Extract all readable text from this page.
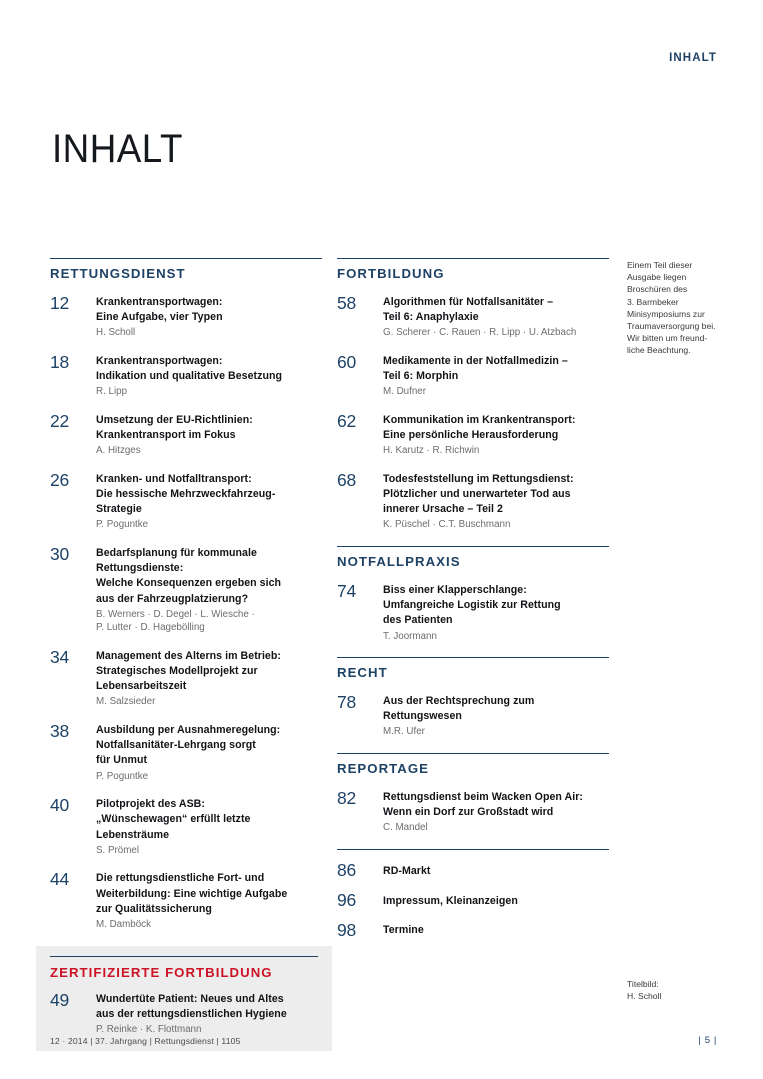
INHALT
INHALT
RETTUNGSDIENST
12	Krankentransportwagen:
Eine Aufgabe, vier Typen
H. Scholl
18	Krankentransportwagen:
Indikation und qualitative Besetzung
R. Lipp
22	Umsetzung der EU-Richtlinien:
Krankentransport im Fokus
A. Hitzges
26	Kranken- und Notfalltransport:
Die hessische Mehrzweckfahrzeug-
Strategie
P. Poguntke
30	Bedarfsplanung für kommunale
Rettungsdienste:
Welche Konsequenzen ergeben sich
aus der Fahrzeugplatzierung?
B. Werners · D. Degel · L. Wiesche ·
P. Lutter · D. Hagebölling
34	Management des Alterns im Betrieb:
Strategisches Modellprojekt zur
Lebensarbeitszeit
M. Salzsieder
38	Ausbildung per Ausnahmeregelung:
Notfallsanitäter-Lehrgang sorgt
für Unmut
P. Poguntke
40	Pilotprojekt des ASB:
„Wünschewagen“ erfüllt letzte
Lebensträume
S. Prömel
44	Die rettungsdienstliche Fort- und
Weiterbildung: Eine wichtige Aufgabe
zur Qualitätssicherung
M. Damböck
ZERTIFIZIERTE FORTBILDUNG
49	Wundertüte Patient: Neues und Altes
aus der rettungsdienstlichen Hygiene
P. Reinke · K. Flottmann
FORTBILDUNG
58	Algorithmen für Notfallsanitäter –
Teil 6: Anaphylaxie
G. Scherer · C. Rauen · R. Lipp · U. Atzbach
60	Medikamente in der Notfallmedizin –
Teil 6: Morphin
M. Dufner
62	Kommunikation im Krankentransport:
Eine persönliche Herausforderung
H. Karutz · R. Richwin
68	Todesfeststellung im Rettungsdienst:
Plötzlicher und unerwarteter Tod aus
innerer Ursache – Teil 2
K. Püschel · C.T. Buschmann
NOTFALLPRAXIS
74	Biss einer Klapperschlange:
Umfangreiche Logistik zur Rettung
des Patienten
T. Joormann
RECHT
78	Aus der Rechtsprechung zum
Rettungswesen
M.R. Ufer
REPORTAGE
82	Rettungsdienst beim Wacken Open Air:
Wenn ein Dorf zur Großstadt wird
C. Mandel
86	RD-Markt
96	Impressum, Kleinanzeigen
98	Termine
Einem Teil dieser
Ausgabe liegen
Broschüren des
3. Barmbeker
Minisymposiums zur
Traumaversorgung bei.
Wir bitten um freund-
liche Beachtung.
Titelbild:
H. Scholl
12 · 2014 | 37. Jahrgang | Rettungsdienst | 1105	| 5 |
